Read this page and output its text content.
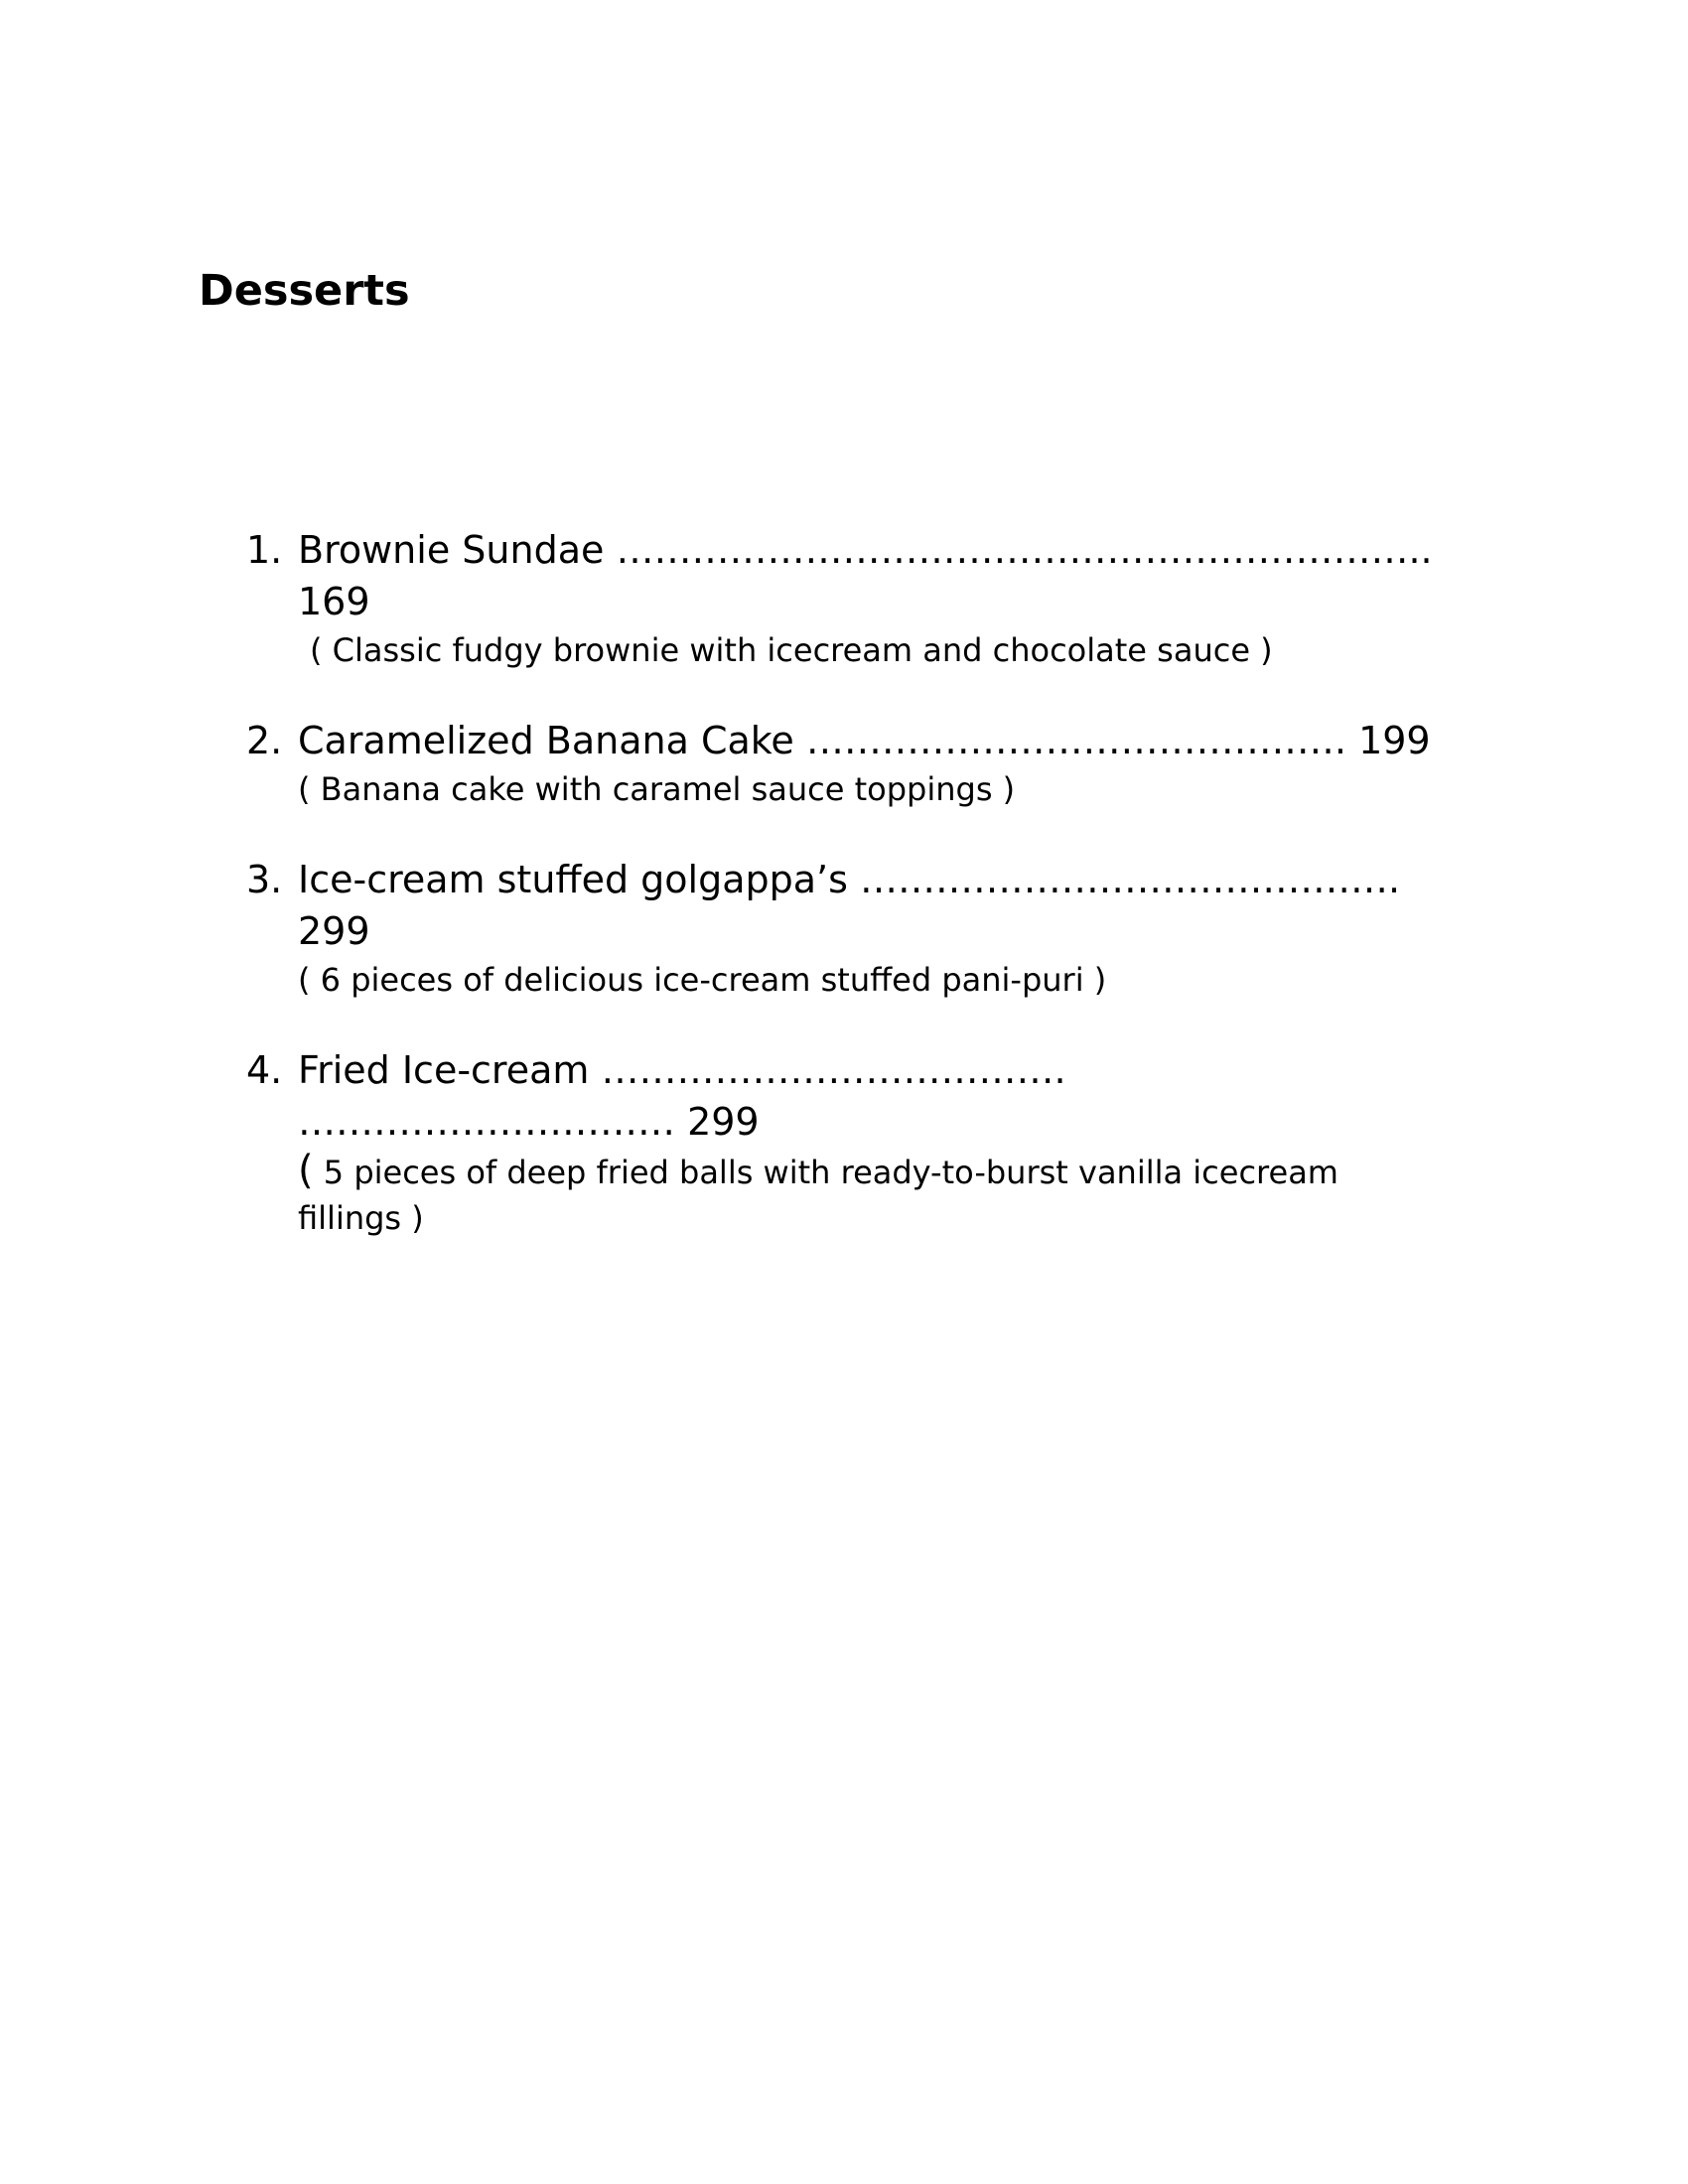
Desserts
1. Brownie Sundae ………………………………………………………..
169
( Classic fudgy brownie with icecream and chocolate sauce )
2. Caramelized Banana Cake ……………………………………. 199
( Banana cake with caramel sauce toppings )
3. Ice-cream stuffed golgappa’s …………………………………….
299
( 6 pieces of delicious ice-cream stuffed pani-puri )
4. Fried Ice-cream ……………………………….
………………………… 299
( 5 pieces of deep fried balls with ready-to-burst vanilla icecream fillings )
